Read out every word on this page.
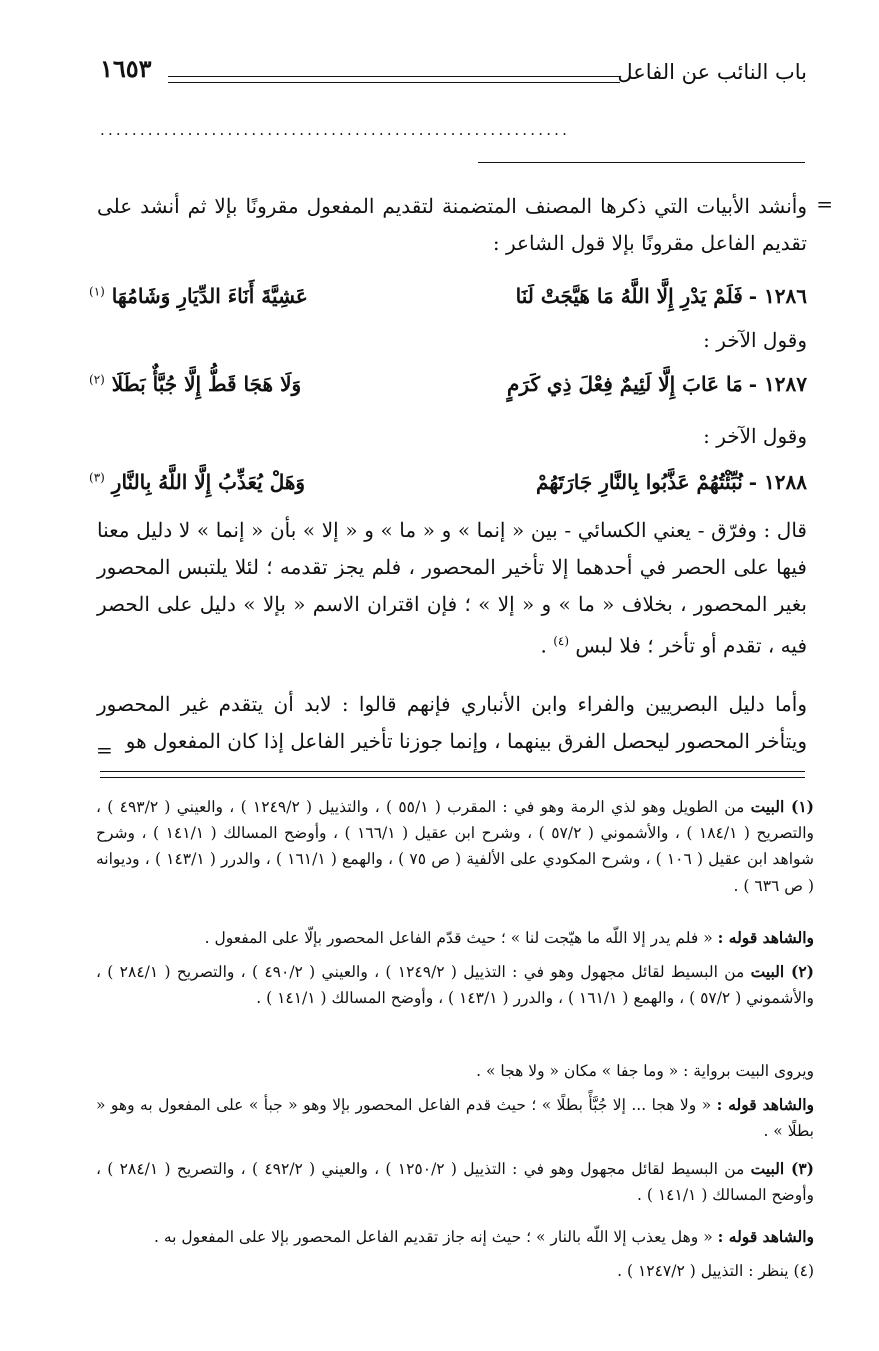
باب النائب عن الفاعل
١٦٥٣
...........................................................
=
=

وأنشد الأبيات التي ذكرها المصنف المتضمنة لتقديم المفعول مقرونًا بإلا ثم أنشد على تقديم الفاعل مقرونًا بإلا قول الشاعر :

١٢٨٦ -فَلَمْ يَدْرِ إِلَّا اللَّهُ مَا هَيَّجَتْ لَنَا
عَشِيَّةَ أَنَاءَ الدِّيَارِ وَشَامُهَا $^{(١)}$
وقول الآخر :
١٢٨٧ -مَا عَابَ إِلَّا لَئِيمٌ فِعْلَ ذِي كَرَمٍ
وَلَا هَجَا قَطُّ إِلَّا جُبَّأٌ بَطَلَا $^{(٢)}$
وقول الآخر :
١٢٨٨ -نُبِّئْتُهُمْ عَذَّبُوا بِالنَّارِ جَارَتَهُمْ
وَهَلْ يُعَذِّبُ إِلَّا اللَّهُ بِالنَّارِ $^{(٣)}$

قال : وفرّق - يعني الكسائي - بين « إنما » و « ما » و « إلا » بأن « إنما » لا دليل معنا فيها على الحصر في أحدهما إلا تأخير المحصور ، فلم يجز تقدمه ؛ لئلا يلتبس المحصور بغير المحصور ، بخلاف « ما » و « إلا » ؛ فإن اقتران الاسم « بإلا » دليل على الحصر فيه ، تقدم أو تأخر ؛ فلا لبس $^{(٤)}$ .

وأما دليل البصريين والفراء وابن الأنباري فإنهم قالوا : لابد أن يتقدم غير المحصور ويتأخر المحصور ليحصل الفرق بينهما ، وإنما جوزنا تأخير الفاعل إذا كان المفعول هو

(١) البيت من الطويل وهو لذي الرمة وهو في : المقرب ( ٥٥/١ ) ، والتذييل ( ١٢٤٩/٢ ) ، والعيني ( ٤٩٣/٢ ) ، والتصريح ( ١٨٤/١ ) ، والأشموني ( ٥٧/٢ ) ، وشرح ابن عقيل ( ١٦٦/١ ) ، وأوضح المسالك ( ١٤١/١ ) ، وشرح شواهد ابن عقيل ( ١٠٦ ) ، وشرح المكودي على الألفية ( ص ٧٥ ) ، والهمع ( ١٦١/١ ) ، والدرر ( ١٤٣/١ ) ، وديوانه ( ص ٦٣٦ ) .

والشاهد قوله : « فلم يدر إلا اللّه ما هيّجت لنا » ؛ حيث قدّم الفاعل المحصور بإلّا على المفعول .

(٢) البيت من البسيط لقائل مجهول وهو في : التذييل ( ١٢٤٩/٢ ) ، والعيني ( ٤٩٠/٢ ) ، والتصريح ( ٢٨٤/١ ) ، والأشموني ( ٥٧/٢ ) ، والهمع ( ١٦١/١ ) ، والدرر ( ١٤٣/١ ) ، وأوضح المسالك ( ١٤١/١ ) .

ويروى البيت برواية : « وما جفا » مكان « ولا هجا » .

والشاهد قوله : « ولا هجا ... إلا جُبَّأً بطلًا » ؛ حيث قدم الفاعل المحصور بإلا وهو « جبأ » على المفعول به وهو « بطلًا » .

(٣) البيت من البسيط لقائل مجهول وهو في : التذييل ( ١٢٥٠/٢ ) ، والعيني ( ٤٩٢/٢ ) ، والتصريح ( ٢٨٤/١ ) ، وأوضح المسالك ( ١٤١/١ ) .

والشاهد قوله : « وهل يعذب إلا اللّه بالنار » ؛ حيث إنه جاز تقديم الفاعل المحصور بإلا على المفعول به .

(٤) ينظر : التذييل ( ١٢٤٧/٢ ) .
